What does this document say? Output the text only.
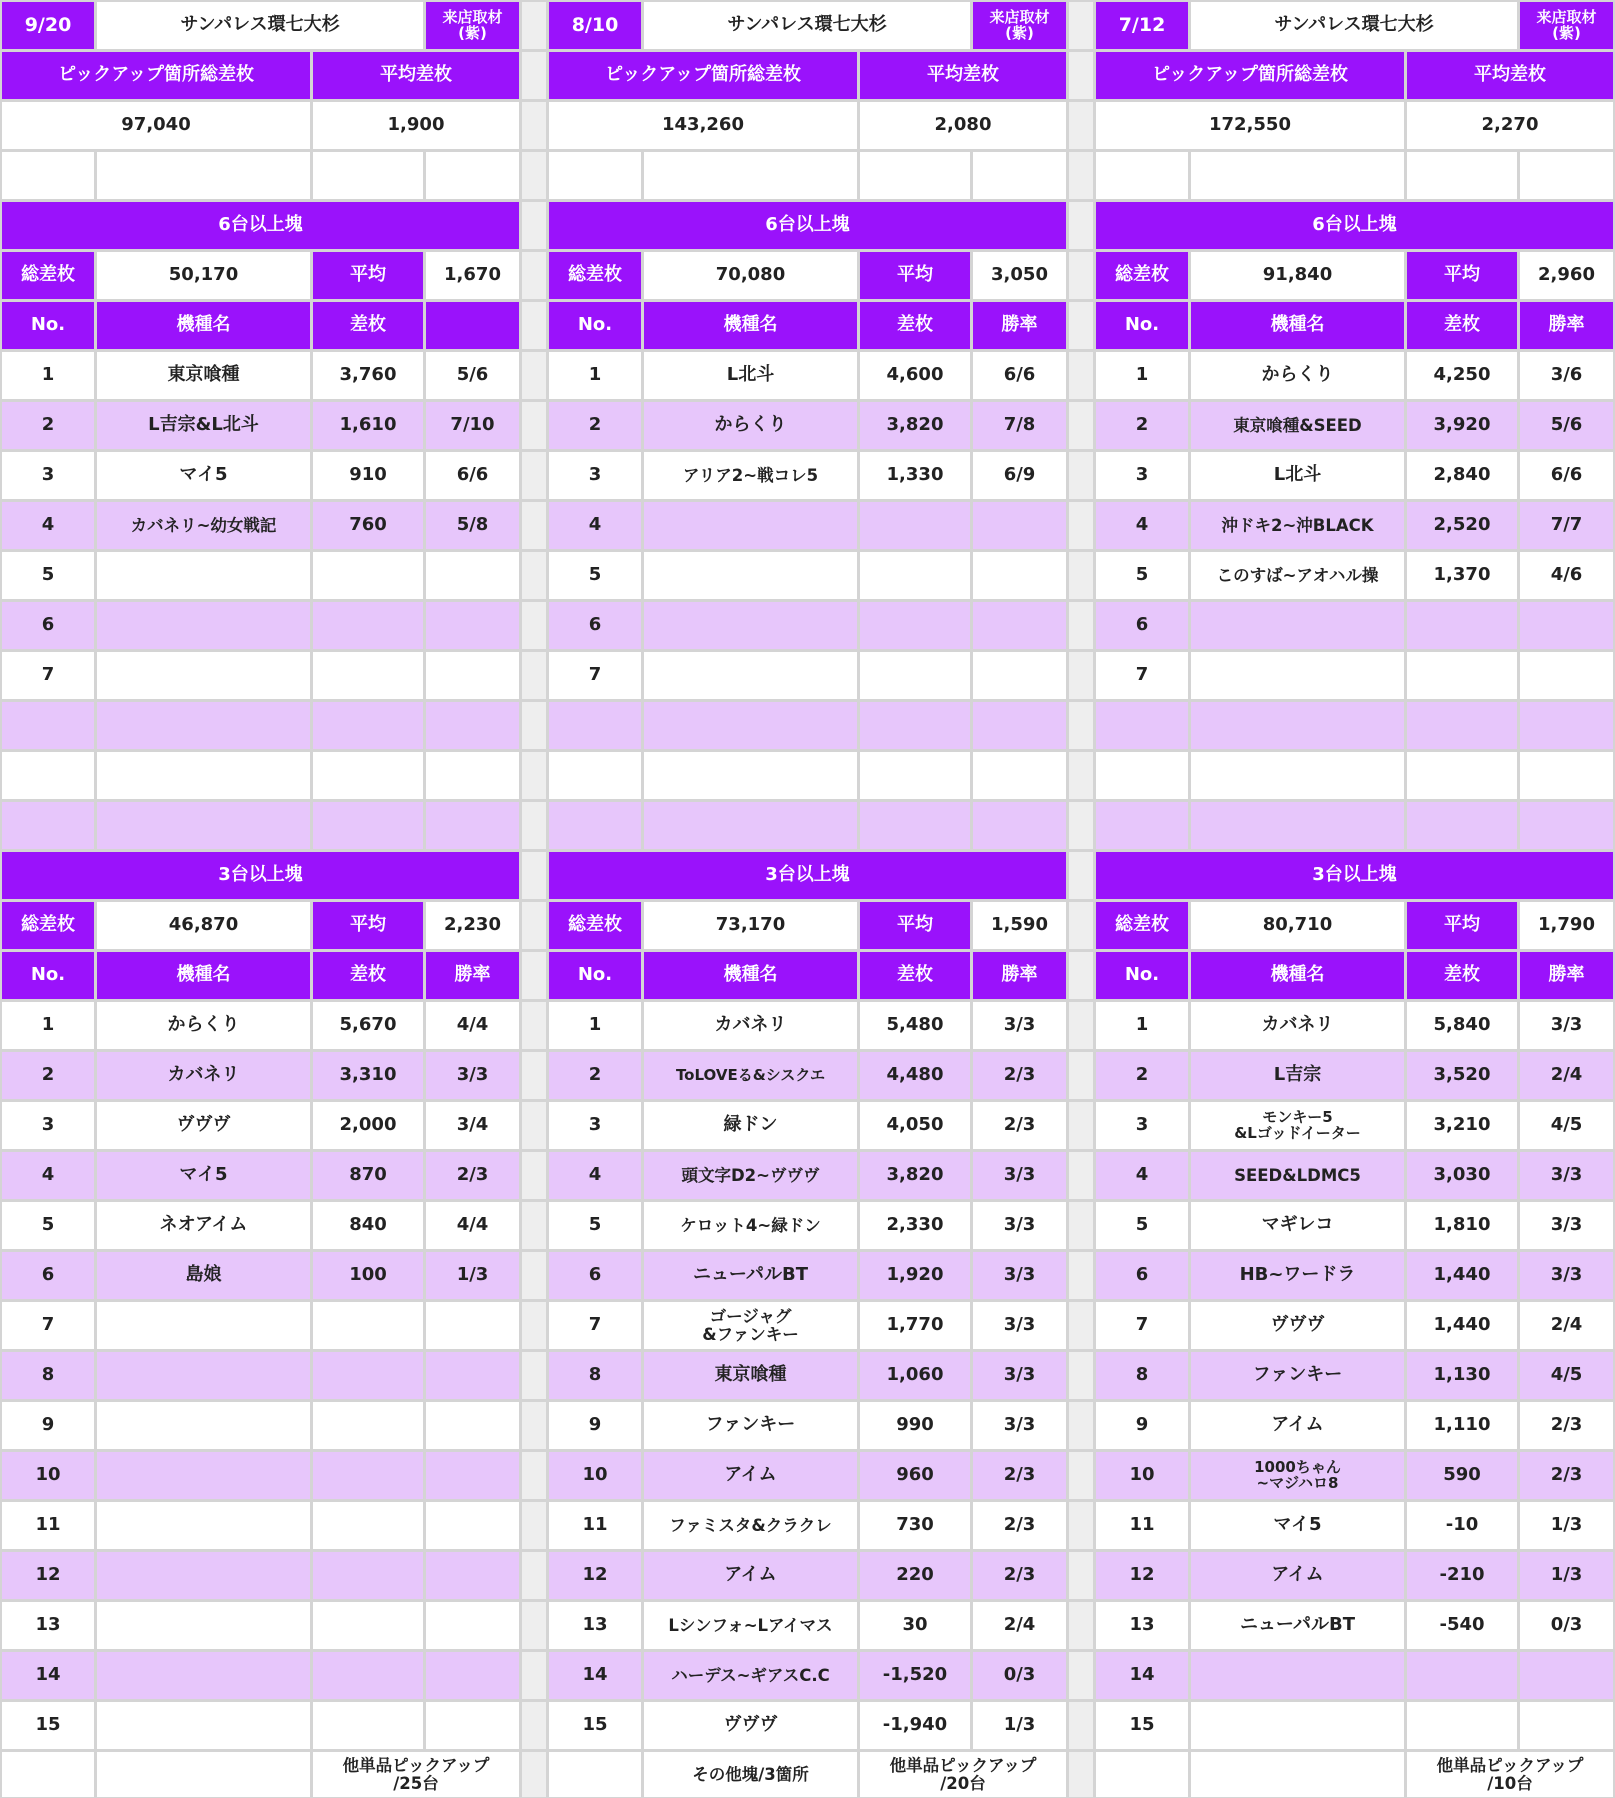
9/20	サンパレス環七大杉	来店取材
(紫)
ピックアップ箇所総差枚	平均差枚
97,040	1,900
6台以上塊
総差枚	50,170	平均	1,670
No.	機種名	差枚
1	東京喰種	3,760	5/6
2	L吉宗&L北斗	1,610	7/10
3	マイ5	910	6/6
4	カバネリ~幼女戦記	760	5/8
5
6
7
3台以上塊
総差枚	46,870	平均	2,230
No.	機種名	差枚	勝率
1	からくり	5,670	4/4
2	カバネリ	3,310	3/3
3	ヴヴヴ	2,000	3/4
4	マイ5	870	2/3
5	ネオアイム	840	4/4
6	島娘	100	1/3
7
8
9
10
11
12
13
14
15
他単品ピックアップ
/25台
8/10	サンパレス環七大杉	来店取材
(紫)
ピックアップ箇所総差枚	平均差枚
143,260	2,080
6台以上塊
総差枚	70,080	平均	3,050
No.	機種名	差枚	勝率
1	L北斗	4,600	6/6
2	からくり	3,820	7/8
3	アリア2~戦コレ5	1,330	6/9
4
5
6
7
3台以上塊
総差枚	73,170	平均	1,590
No.	機種名	差枚	勝率
1	カバネリ	5,480	3/3
2	ToLOVEる&シスクエ	4,480	2/3
3	緑ドン	4,050	2/3
4	頭文字D2~ヴヴヴ	3,820	3/3
5	ケロット4~緑ドン	2,330	3/3
6	ニューパルBT	1,920	3/3
7	ゴージャグ
&ファンキー	1,770	3/3
8	東京喰種	1,060	3/3
9	ファンキー	990	3/3
10	アイム	960	2/3
11	ファミスタ&クラクレ	730	2/3
12	アイム	220	2/3
13	Lシンフォ~Lアイマス	30	2/4
14	ハーデス~ギアスC.C	-1,520	0/3
15	ヴヴヴ	-1,940	1/3
その他塊/3箇所	他単品ピックアップ
/20台
7/12	サンパレス環七大杉	来店取材
(紫)
ピックアップ箇所総差枚	平均差枚
172,550	2,270
6台以上塊
総差枚	91,840	平均	2,960
No.	機種名	差枚	勝率
1	からくり	4,250	3/6
2	東京喰種&SEED	3,920	5/6
3	L北斗	2,840	6/6
4	沖ドキ2~沖BLACK	2,520	7/7
5	このすば~アオハル操	1,370	4/6
6
7
3台以上塊
総差枚	80,710	平均	1,790
No.	機種名	差枚	勝率
1	カバネリ	5,840	3/3
2	L吉宗	3,520	2/4
3	モンキー5
&Lゴッドイーター	3,210	4/5
4	SEED&LDMC5	3,030	3/3
5	マギレコ	1,810	3/3
6	HB~ワードラ	1,440	3/3
7	ヴヴヴ	1,440	2/4
8	ファンキー	1,130	4/5
9	アイム	1,110	2/3
10	1000ちゃん
~マジハロ8	590	2/3
11	マイ5	-10	1/3
12	アイム	-210	1/3
13	ニューパルBT	-540	0/3
14
15
他単品ピックアップ
/10台
